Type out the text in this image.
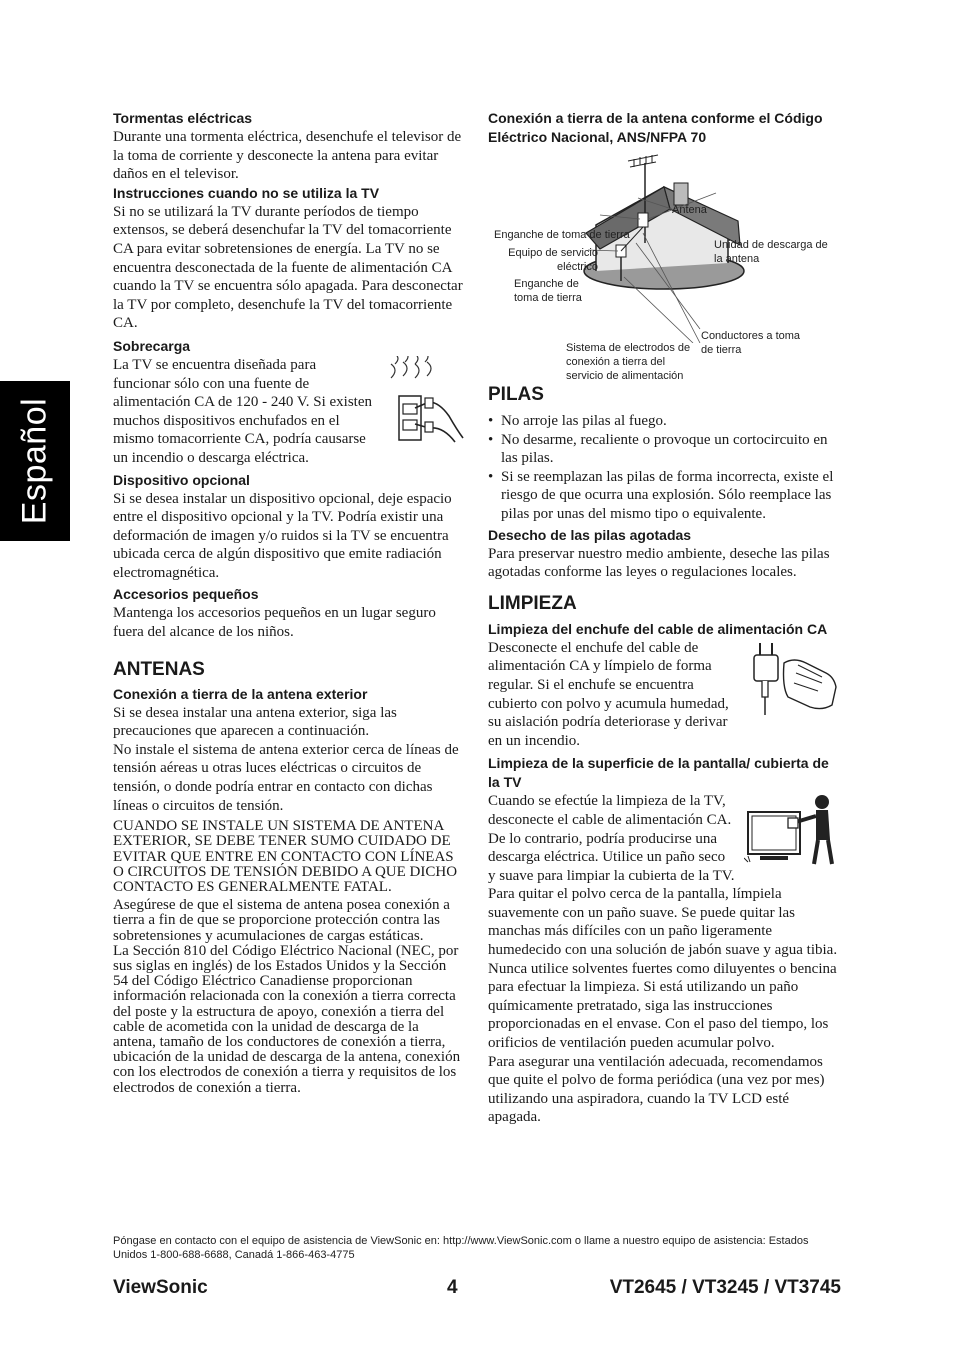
Español
Tormentas eléctricas
Durante una tormenta eléctrica, desenchufe el televisor de la toma de corriente y desconecte la antena para evitar daños en el televisor.
Instrucciones cuando no se utiliza la TV
Si no se utilizará la TV durante períodos de tiempo extensos, se deberá desenchufar la TV del tomacorriente CA para evitar sobretensiones de energía. La TV no se encuentra desconectada de la fuente de alimentación CA cuando la TV se encuentra sólo apagada. Para desconectar la TV por completo, desenchufe la TV del tomacorriente CA.
Sobrecarga
La TV se encuentra diseñada para funcionar sólo con una fuente de alimentación CA de 120 - 240 V. Si existen muchos dispositivos enchufados en el mismo tomacorriente CA, podría causarse un incendio o descarga eléctrica.
Dispositivo opcional
Si se desea instalar un dispositivo opcional, deje espacio entre el dispositivo opcional y la TV. Podría existir una deformación de imagen y/o ruidos si la TV se encuentra ubicada cerca de algún dispositivo que emite radiación electromagnética.
Accesorios pequeños
Mantenga los accesorios pequeños en un lugar seguro fuera del alcance de los niños.
ANTENAS
Conexión a tierra de la antena exterior
Si se desea instalar una antena exterior, siga las precauciones que aparecen a continuación.
No instale el sistema de antena exterior cerca de líneas de tensión aéreas u otras luces eléctricas o circuitos de tensión, o donde podría entrar en contacto con dichas líneas o circuitos de tensión.
CUANDO SE INSTALE UN SISTEMA DE ANTENA EXTERIOR, SE DEBE TENER SUMO CUIDADO DE EVITAR QUE ENTRE EN CONTACTO CON LÍNEAS O CIRCUITOS DE TENSIÓN DEBIDO A QUE DICHO CONTACTO ES GENERALMENTE FATAL.
Asegúrese de que el sistema de antena posea conexión a tierra a fin de que se proporcione protección contra las sobretensiones y acumulaciones de cargas estáticas.
La Sección 810 del Código Eléctrico Nacional (NEC, por sus siglas en inglés) de los Estados Unidos y la Sección 54 del Código Eléctrico Canadiense proporcionan información relacionada con la conexión a tierra correcta del poste y la estructura de apoyo, conexión a tierra del cable de acometida con la unidad de descarga de la antena, tamaño de los conductores de conexión a tierra, ubicación de la unidad de descarga de la antena, conexión con los electrodos de conexión a tierra y requisitos de los electrodos de conexión a tierra.
Conexión a tierra de la antena conforme el Código Eléctrico Nacional, ANS/NFPA 70
Antena
Enganche de toma de tierra
Unidad de descarga de la antena
Equipo de servicio eléctrico
Enganche de toma de tierra
Conductores a toma de tierra
Sistema de electrodos de conexión a tierra del servicio de alimentación
PILAS
• No arroje las pilas al fuego.
• No desarme, recaliente o provoque un cortocircuito en las pilas.
• Si se reemplazan las pilas de forma incorrecta, existe el riesgo de que ocurra una explosión. Sólo reemplace las pilas por unas del mismo tipo o equivalente.
Desecho de las pilas agotadas
Para preservar nuestro medio ambiente, deseche las pilas agotadas conforme las leyes o regulaciones locales.
LIMPIEZA
Limpieza del enchufe del cable de alimentación CA
Desconecte el enchufe del cable de alimentación CA y límpielo de forma regular. Si el enchufe se encuentra cubierto con polvo y acumula humedad, su aislación podría deteriorase y derivar en un incendio.
Limpieza de la superficie de la pantalla/ cubierta de la TV
Cuando se efectúe la limpieza de la TV, desconecte el cable de alimentación CA. De lo contrario, podría producirse una descarga eléctrica. Utilice un paño seco y suave para limpiar la cubierta de la TV.
Para quitar el polvo cerca de la pantalla, límpiela suavemente con un paño suave. Se puede quitar las manchas más difíciles con un paño ligeramente humedecido con una solución de jabón suave y agua tibia. Nunca utilice solventes fuertes como diluyentes o bencina para efectuar la limpieza. Si está utilizando un paño químicamente pretratado, siga las instrucciones proporcionadas en el envase. Con el paso del tiempo, los orificios de ventilación pueden acumular polvo.
Para asegurar una ventilación adecuada, recomendamos que quite el polvo de forma periódica (una vez por mes) utilizando una aspiradora, cuando la TV LCD esté apagada.
Póngase en contacto con el equipo de asistencia de ViewSonic en: http://www.ViewSonic.com o llame a nuestro equipo de asistencia: Estados Unidos 1-800-688-6688, Canadá 1-866-463-4775
ViewSonic	4	VT2645 / VT3245 / VT3745
